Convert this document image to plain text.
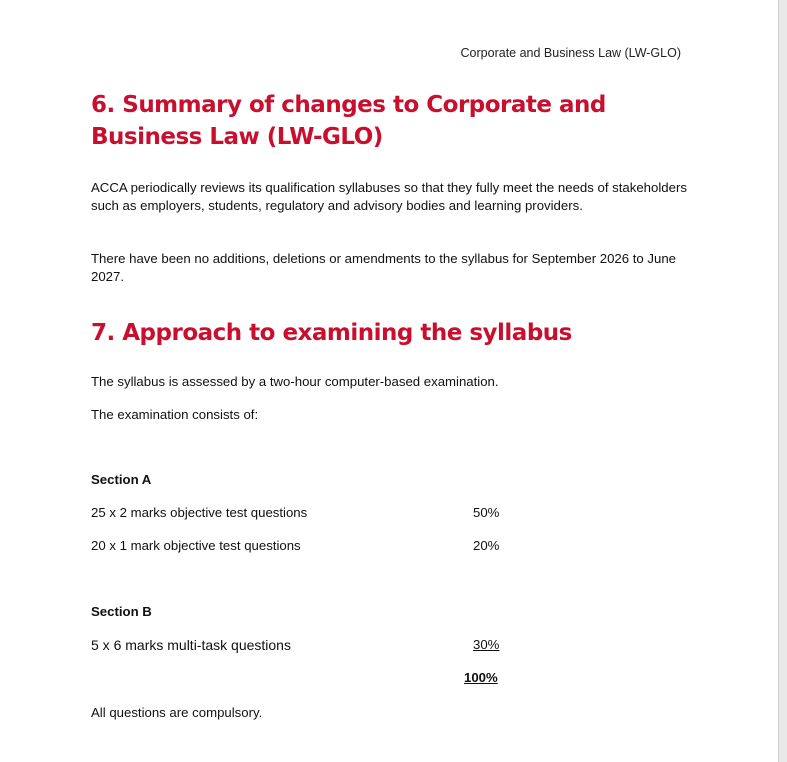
Corporate and Business Law (LW-GLO)
6. Summary of changes to Corporate and Business Law (LW-GLO)

ACCA periodically reviews its qualification syllabuses so that they fully meet the needs of stakeholders such as employers, students, regulatory and advisory bodies and learning providers.

There have been no additions, deletions or amendments to the syllabus for September 2026 to June 2027.

7. Approach to examining the syllabus

The syllabus is assessed by a two-hour computer-based examination.

The examination consists of:

Section A
25 x 2 marks objective test questions	50%
20 x 1 mark objective test questions	20%
Section B
5 x 6 marks multi-task questions	30%
100%

All questions are compulsory.
